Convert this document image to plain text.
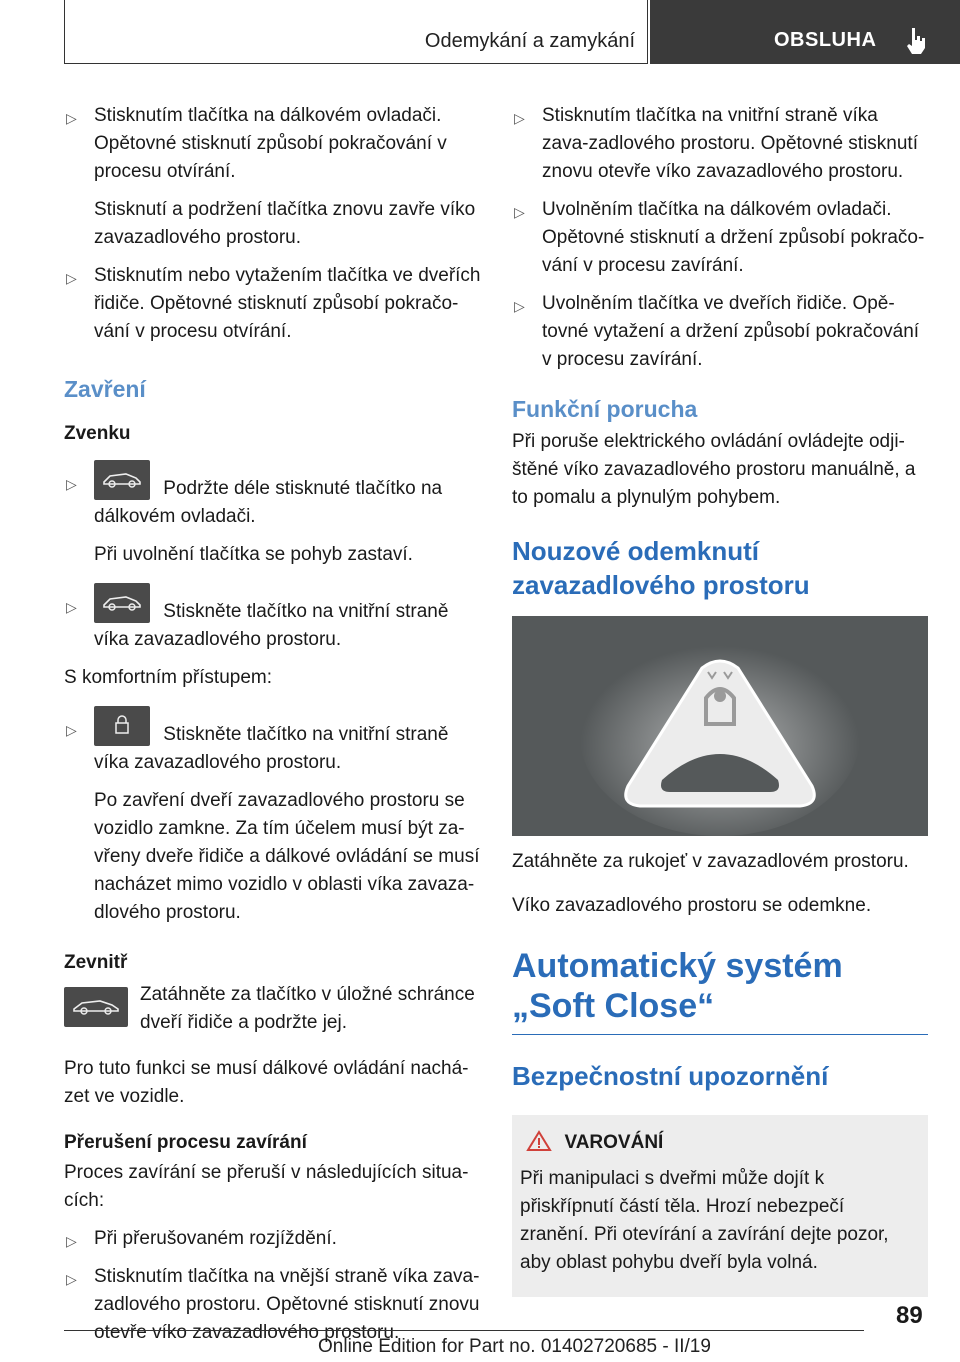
Odemykání a zamykání	OBSLUHA
▷ Stisknutím tlačítka na dálkovém ovladači. Opětovné stisknutí způsobí pokračování v procesu otvírání.
Stisknutí a podržení tlačítka znovu zavře víko zavazadlového prostoru.
▷ Stisknutím nebo vytažením tlačítka ve dveřích řidiče. Opětovné stisknutí způsobí pokračo‐vání v procesu otvírání.
Zavření
Zvenku
▷	Podržte déle stisknuté tlačítko na dálkovém ovladači.
Při uvolnění tlačítka se pohyb zastaví.
▷	Stiskněte tlačítko na vnitřní straně víka zavazadlového prostoru.

S komfortním přístupem:

▷	Stiskněte tlačítko na vnitřní straně víka zavazadlového prostoru.
Po zavření dveří zavazadlového prostoru se vozidlo zamkne. Za tím účelem musí být za‐vřeny dveře řidiče a dálkové ovládání se musí nacházet mimo vozidlo v oblasti víka zavaza‐dlového prostoru.
Zevnitř
Zatáhněte za tlačítko v úložné schránce dveří řidiče a podržte jej.

Pro tuto funkci se musí dálkové ovládání nachá‐zet ve vozidle.

Přerušení procesu zavírání

Proces zavírání se přeruší v následujících situa‐cích:

▷ Při přerušovaném rozjíždění.
▷ Stisknutím tlačítka na vnější straně víka zava‐zadlového prostoru. Opětovné stisknutí znovu otevře víko zavazadlového prostoru.
▷ Stisknutím tlačítka na vnitřní straně víka zava‐zadlového prostoru. Opětovné stisknutí znovu otevře víko zavazadlového prostoru.
▷ Uvolněním tlačítka na dálkovém ovladači. Opětovné stisknutí a držení způsobí pokračo‐vání v procesu zavírání.
▷ Uvolněním tlačítka ve dveřích řidiče. Opě‐tovné vytažení a držení způsobí pokračování v procesu zavírání.
Funkční porucha

Při poruše elektrického ovládání ovládejte odji‐štěné víko zavazadlového prostoru manuálně, a to pomalu a plynulým pohybem.

Nouzové odemknutí zavazadlového prostoru

Zatáhněte za rukojeť v zavazadlovém prostoru.

Víko zavazadlového prostoru se odemkne.

Automatický systém „Soft Close“
Bezpečnostní upozornění
VAROVÁNÍ

Při manipulaci s dveřmi může dojít k přiskřípnutí částí těla. Hrozí nebezpečí zranění. Při otevírání a zavírání dejte pozor, aby oblast pohybu dveří byla volná.

89
Online Edition for Part no. 01402720685 - II/19
